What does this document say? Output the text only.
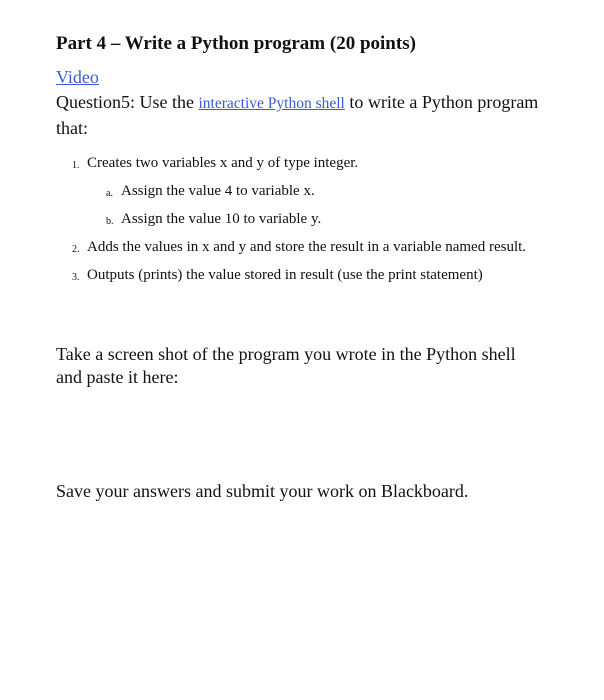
Part 4 – Write a Python program (20 points)
Video
Question5: Use the interactive Python shell to write a Python program that:
1. Creates two variables x and y of type integer.
a. Assign the value 4 to variable x.
b. Assign the value 10 to variable y.
2. Adds the values in x and y and store the result in a variable named result.
3. Outputs (prints) the value stored in result (use the print statement)
Take a screen shot of the program you wrote in the Python shell and paste it here:
Save your answers and submit your work on Blackboard.
